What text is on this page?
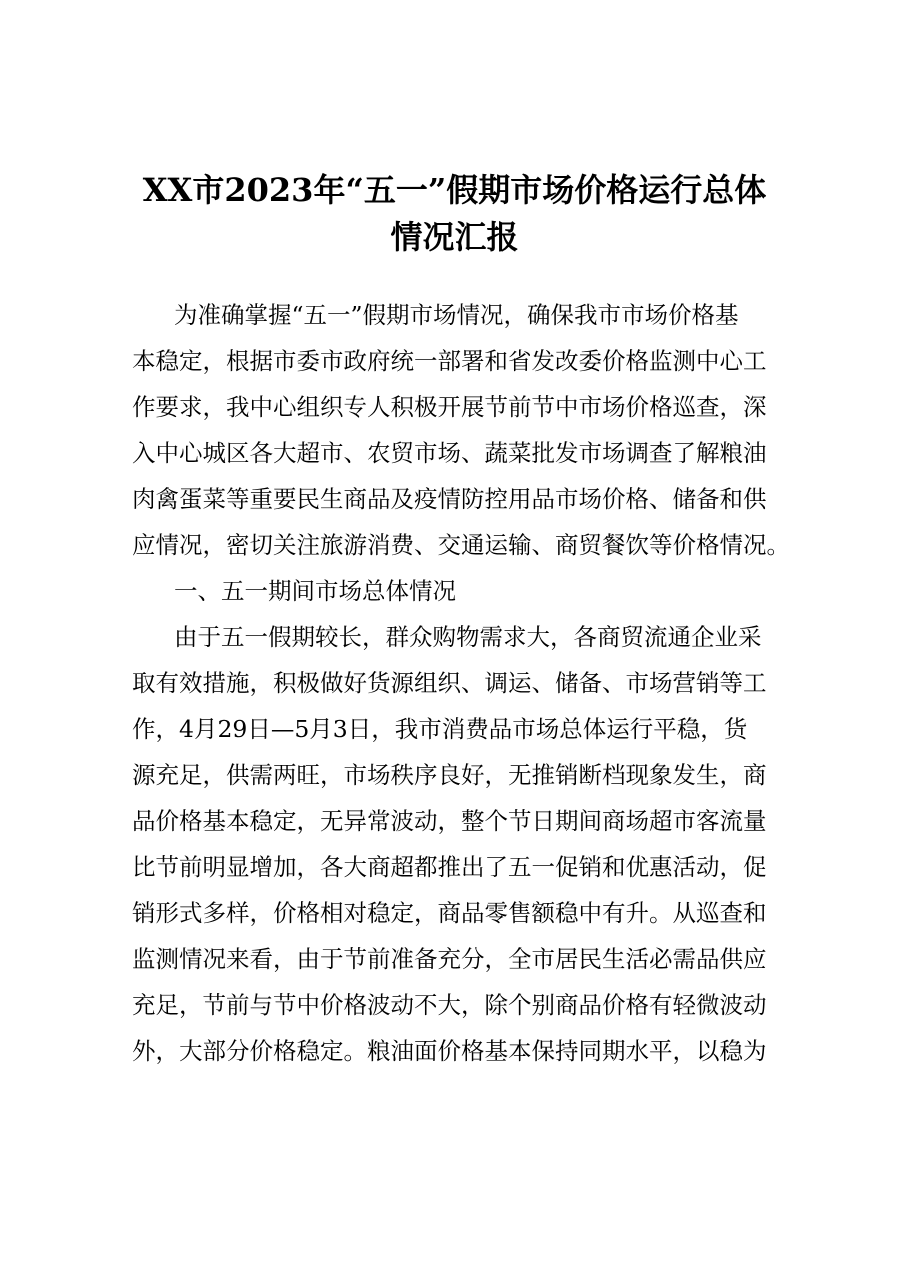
XX市2023年“五一”假期市场价格运行总体
情况汇报
为准确掌握“五一”假期市场情况，确保我市市场价格基
本稳定，根据市委市政府统一部署和省发改委价格监测中心工
作要求，我中心组织专人积极开展节前节中市场价格巡查，深
入中心城区各大超市、农贸市场、蔬菜批发市场调查了解粮油
肉禽蛋菜等重要民生商品及疫情防控用品市场价格、储备和供
应情况，密切关注旅游消费、交通运输、商贸餐饮等价格情况。
一、五一期间市场总体情况
由于五一假期较长，群众购物需求大，各商贸流通企业采
取有效措施，积极做好货源组织、调运、储备、市场营销等工
作，4月29日—5月3日，我市消费品市场总体运行平稳，货
源充足，供需两旺，市场秩序良好，无推销断档现象发生，商
品价格基本稳定，无异常波动，整个节日期间商场超市客流量
比节前明显增加，各大商超都推出了五一促销和优惠活动，促
销形式多样，价格相对稳定，商品零售额稳中有升。从巡查和
监测情况来看，由于节前准备充分，全市居民生活必需品供应
充足，节前与节中价格波动不大，除个别商品价格有轻微波动
外，大部分价格稳定。粮油面价格基本保持同期水平，以稳为
